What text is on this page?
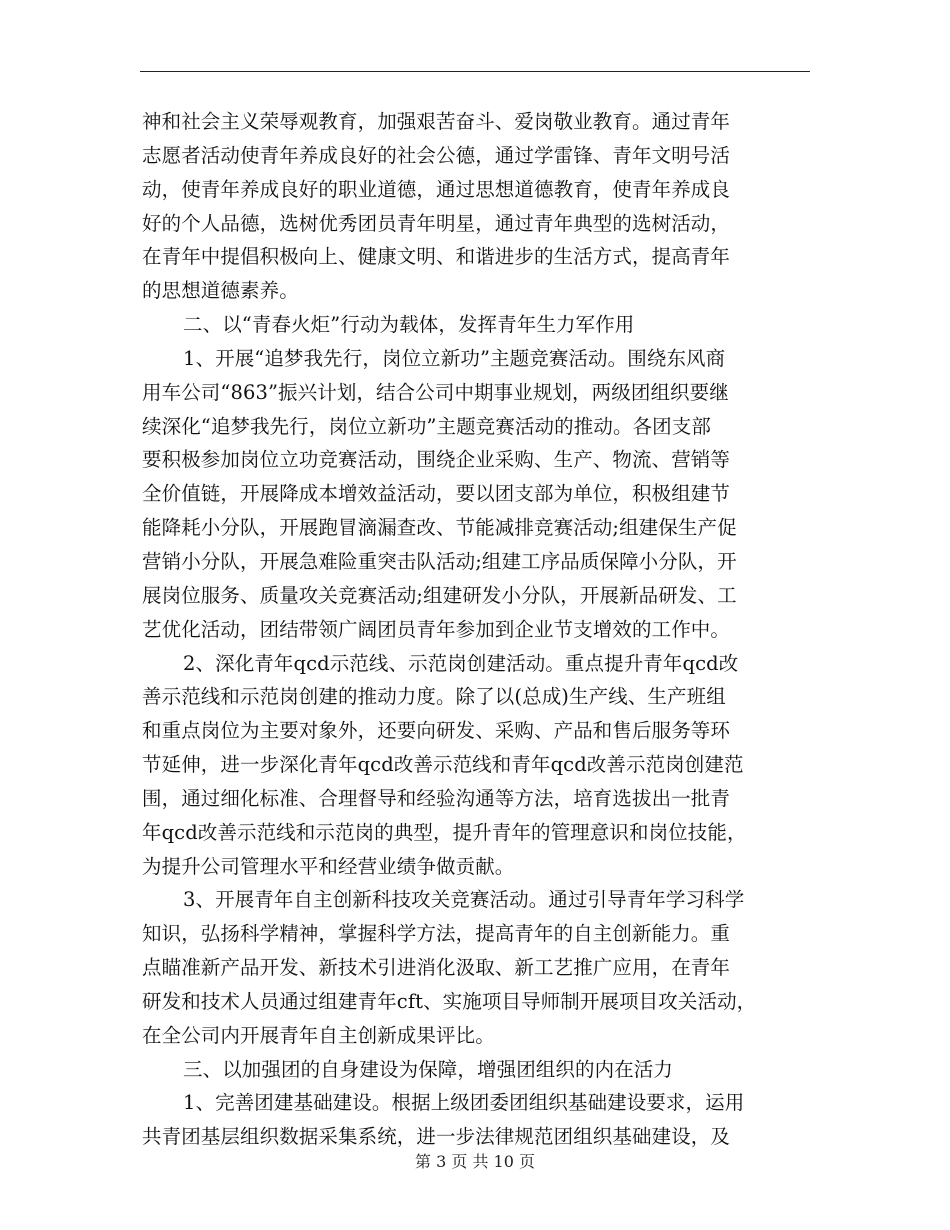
神和社会主义荣辱观教育，加强艰苦奋斗、爱岗敬业教育。通过青年
志愿者活动使青年养成良好的社会公德，通过学雷锋、青年文明号活
动，使青年养成良好的职业道德，通过思想道德教育，使青年养成良
好的个人品德，选树优秀团员青年明星，通过青年典型的选树活动，
在青年中提倡积极向上、健康文明、和谐进步的生活方式，提高青年
的思想道德素养。
二、以“青春火炬”行动为载体，发挥青年生力军作用
1、开展“追梦我先行，岗位立新功”主题竞赛活动。围绕东风商
用车公司“863”振兴计划，结合公司中期事业规划，两级团组织要继
续深化“追梦我先行，岗位立新功”主题竞赛活动的推动。各团支部
要积极参加岗位立功竞赛活动，围绕企业采购、生产、物流、营销等
全价值链，开展降成本增效益活动，要以团支部为单位，积极组建节
能降耗小分队，开展跑冒滴漏查改、节能减排竞赛活动;组建保生产促
营销小分队，开展急难险重突击队活动;组建工序品质保障小分队，开
展岗位服务、质量攻关竞赛活动;组建研发小分队，开展新品研发、工
艺优化活动，团结带领广阔团员青年参加到企业节支增效的工作中。
2、深化青年qcd示范线、示范岗创建活动。重点提升青年qcd改
善示范线和示范岗创建的推动力度。除了以(总成)生产线、生产班组
和重点岗位为主要对象外，还要向研发、采购、产品和售后服务等环
节延伸，进一步深化青年qcd改善示范线和青年qcd改善示范岗创建范
围，通过细化标准、合理督导和经验沟通等方法，培育选拔出一批青
年qcd改善示范线和示范岗的典型，提升青年的管理意识和岗位技能，
为提升公司管理水平和经营业绩争做贡献。
3、开展青年自主创新科技攻关竞赛活动。通过引导青年学习科学
知识，弘扬科学精神，掌握科学方法，提高青年的自主创新能力。重
点瞄准新产品开发、新技术引进消化汲取、新工艺推广应用，在青年
研发和技术人员通过组建青年cft、实施项目导师制开展项目攻关活动，
在全公司内开展青年自主创新成果评比。
三、以加强团的自身建设为保障，增强团组织的内在活力
1、完善团建基础建设。根据上级团委团组织基础建设要求，运用
共青团基层组织数据采集系统，进一步法律规范团组织基础建设，及
第 3 页 共 10 页
